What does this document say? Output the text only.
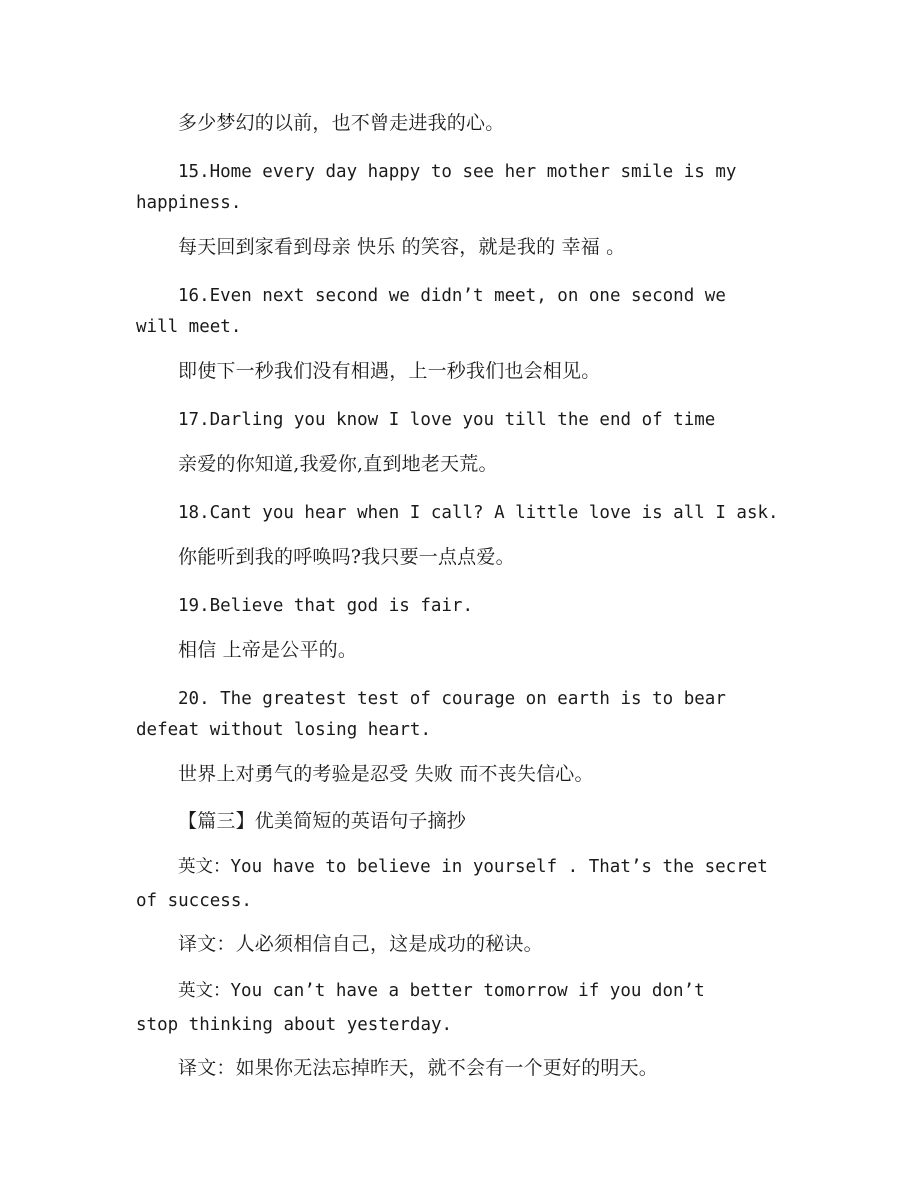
多少梦幻的以前，也不曾走进我的心。
15.Home every day happy to see her mother smile is my
happiness.
每天回到家看到母亲 快乐 的笑容，就是我的 幸福 。
16.Even next second we didn’t meet, on one second we
will meet.
即使下一秒我们没有相遇，上一秒我们也会相见。
17.Darling you know I love you till the end of time
亲爱的你知道,我爱你,直到地老天荒。
18.Cant you hear when I call? A little love is all I ask.
你能听到我的呼唤吗?我只要一点点爱。
19.Believe that god is fair.
相信 上帝是公平的。
20. The greatest test of courage on earth is to bear
defeat without losing heart.
世界上对勇气的考验是忍受 失败 而不丧失信心。
【篇三】优美简短的英语句子摘抄
英文：You have to believe in yourself . That’s the secret
of success.
译文：人必须相信自己，这是成功的秘诀。
英文：You can’t have a better tomorrow if you don’t
stop thinking about yesterday.
译文：如果你无法忘掉昨天，就不会有一个更好的明天。
